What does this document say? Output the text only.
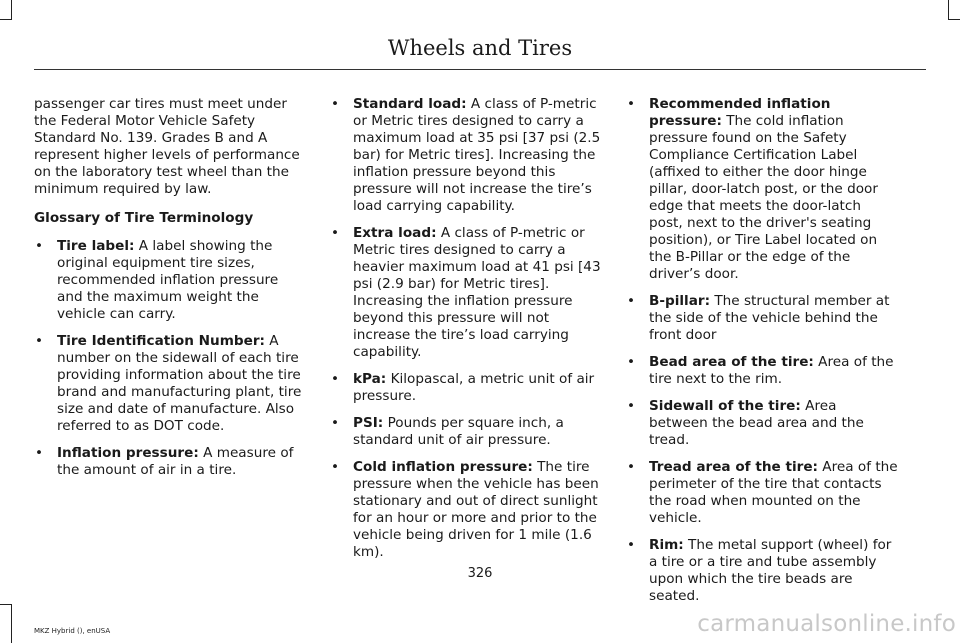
Wheels and Tires

passenger car tires must meet under the Federal Motor Vehicle Safety Standard No. 139. Grades B and A represent higher levels of performance on the laboratory test wheel than the minimum required by law.

Glossary of Tire Terminology

• Tire label: A label showing the original equipment tire sizes, recommended inflation pressure and the maximum weight the vehicle can carry.
• Tire Identification Number: A number on the sidewall of each tire providing information about the tire brand and manufacturing plant, tire size and date of manufacture. Also referred to as DOT code.
• Inflation pressure: A measure of the amount of air in a tire.
• Standard load: A class of P-metric or Metric tires designed to carry a maximum load at 35 psi [37 psi (2.5 bar) for Metric tires]. Increasing the inflation pressure beyond this pressure will not increase the tire’s load carrying capability.
• Extra load: A class of P-metric or Metric tires designed to carry a heavier maximum load at 41 psi [43 psi (2.9 bar) for Metric tires]. Increasing the inflation pressure beyond this pressure will not increase the tire’s load carrying capability.
• kPa: Kilopascal, a metric unit of air pressure.
• PSI: Pounds per square inch, a standard unit of air pressure.
• Cold inflation pressure: The tire pressure when the vehicle has been stationary and out of direct sunlight for an hour or more and prior to the vehicle being driven for 1 mile (1.6 km).
• Recommended inflation pressure: The cold inflation pressure found on the Safety Compliance Certification Label (affixed to either the door hinge pillar, door-latch post, or the door edge that meets the door-latch post, next to the driver's seating position), or Tire Label located on the B-Pillar or the edge of the driver’s door.
• B-pillar: The structural member at the side of the vehicle behind the front door
• Bead area of the tire: Area of the tire next to the rim.
• Sidewall of the tire: Area between the bead area and the tread.
• Tread area of the tire: Area of the perimeter of the tire that contacts the road when mounted on the vehicle.
• Rim: The metal support (wheel) for a tire or a tire and tube assembly upon which the tire beads are seated.
326
MKZ Hybrid (), enUSA	carmanualsonline.info
